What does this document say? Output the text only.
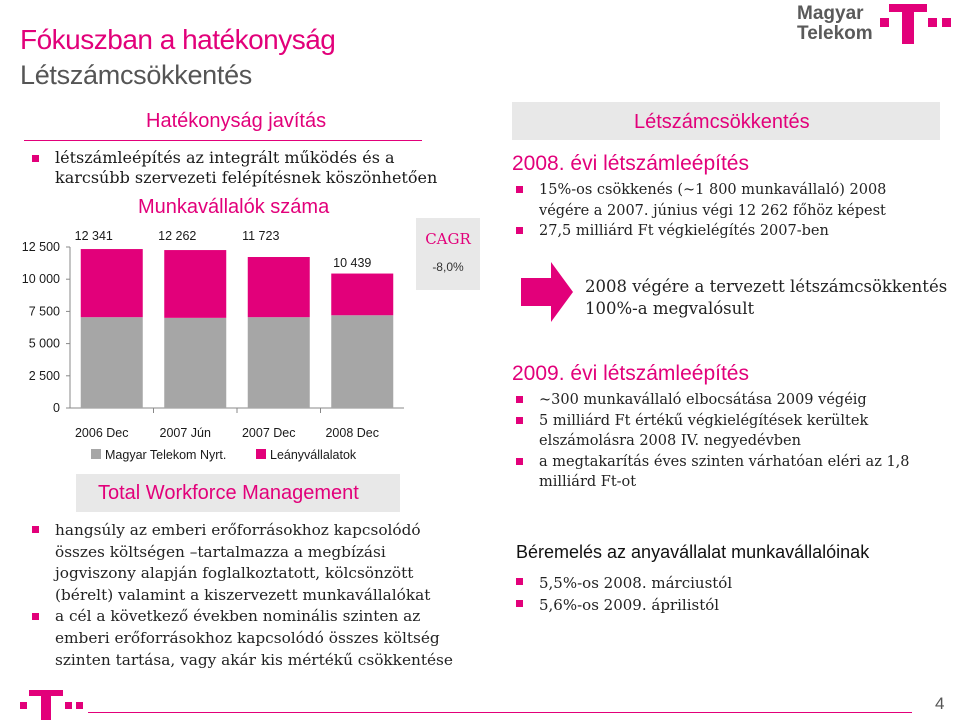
Fókuszban a hatékonyság
Létszámcsökkentés
Magyar
Telekom
Hatékonyság javítás
létszámleépítés az integrált működés és a karcsúbb szervezeti felépítésnek köszönhetően
Munkavállalók száma
0
2 500
5 000
7 500
10 000
12 500
12 341
2006 Dec
12 262
2007 Jún
11 723
2007 Dec
10 439
2008 Dec
Magyar Telekom Nyrt.	Leányvállalatok
CAGR
-8,0%
Total Workforce Management
hangsúly az emberi erőforrásokhoz kapcsolódó összes költségen –tartalmazza a megbízási jogviszony alapján foglalkoztatott, kölcsönzött (bérelt) valamint a kiszervezett munkavállalókat
a cél a következő években nominális szinten az emberi erőforrásokhoz kapcsolódó összes költség szinten tartása, vagy akár kis mértékű csökkentése
Létszámcsökkentés
2008. évi létszámleépítés
15%-os csökkenés (~1 800 munkavállaló) 2008 végére a 2007. június végi 12 262 főhöz képest
27,5 milliárd Ft végkielégítés 2007-ben
2008 végére a tervezett létszámcsökkentés 100%-a megvalósult
2009. évi létszámleépítés
~300 munkavállaló elbocsátása 2009 végéig
5 milliárd Ft értékű végkielégítések kerültek elszámolásra 2008 IV. negyedévben
a megtakarítás éves szinten várhatóan eléri az 1,8 milliárd Ft-ot
Béremelés az anyavállalat munkavállalóinak
5,5%-os 2008. márciustól
5,6%-os 2009. áprilistól
4
